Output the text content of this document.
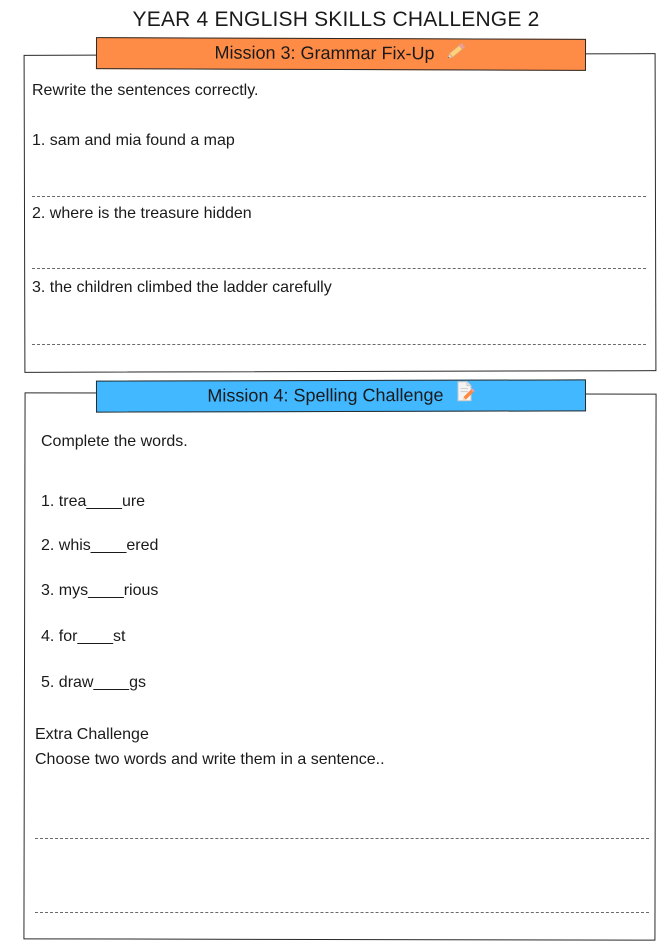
YEAR 4 ENGLISH SKILLS CHALLENGE 2
Mission 3: Grammar Fix-Up
Rewrite the sentences correctly.
1. sam and mia found a map
2. where is the treasure hidden
3. the children climbed the ladder carefully
Mission 4: Spelling Challenge
Complete the words.
1. trea____ure
2. whis____ered
3. mys____rious
4. for____st
5. draw____gs
Extra Challenge
Choose two words and write them in a sentence..
